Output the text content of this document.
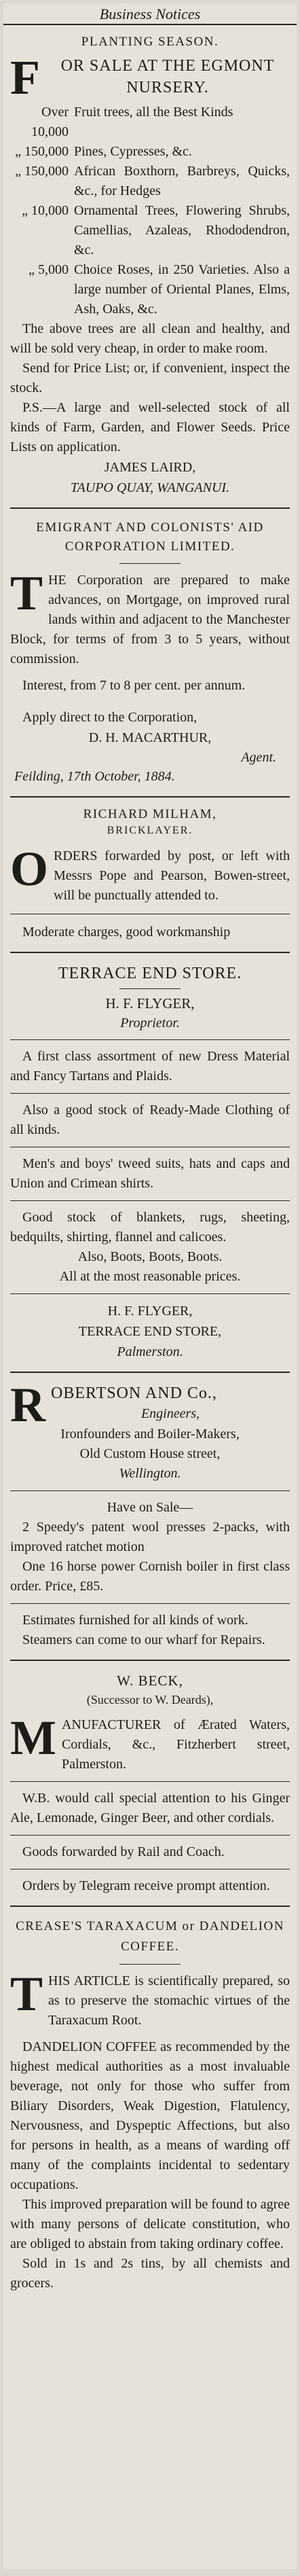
Business Notices
PLANTING SEASON.
F	OR SALE AT THE EGMONT NURSERY.
Over 10,000
Fruit trees, all the Best Kinds
„ 150,000 Pines, Cypresses, &c.
„ 150,000 African Boxthorn, Barbreys, Quicks, &c., for Hedges
„ 10,000 Ornamental Trees, Flowering Shrubs, Camellias, Azaleas, Rhododendron, &c.
„ 5,000 Choice Roses, in 250 Varieties. Also a large number of Oriental Planes, Elms, Ash, Oaks, &c.

The above trees are all clean and healthy, and will be sold very cheap, in order to make room.

Send for Price List; or, if convenient, inspect the stock.

P.S.—A large and well-selected stock of all kinds of Farm, Garden, and Flower Seeds. Price Lists on application.

JAMES LAIRD,
TAUPO QUAY, WANGANUI.
EMIGRANT AND COLONISTS' AID CORPORATION LIMITED.
T HE Corporation are prepared to make advances, on Mortgage, on improved rural lands within and adjacent to the Manchester Block, for terms of from 3 to 5 years, without commission.

Interest, from 7 to 8 per cent. per annum.

Apply direct to the Corporation,

D. H. MACARTHUR,
Agent.

Feilding, 17th October, 1884.

RICHARD MILHAM,
BRICKLAYER.
O RDERS forwarded by post, or left with Messrs Pope and Pearson, Bowen-street, will be punctually attended to.

Moderate charges, good workmanship

TERRACE END STORE.
H. F. FLYGER,
Proprietor.

A first class assortment of new Dress Material and Fancy Tartans and Plaids.

Also a good stock of Ready-Made Clothing of all kinds.

Men's and boys' tweed suits, hats and caps and Union and Crimean shirts.

Good stock of blankets, rugs, sheeting, bedquilts, shirting, flannel and calicoes.

Also, Boots, Boots, Boots.

All at the most reasonable prices.

H. F. FLYGER,
TERRACE END STORE,
Palmerston.
R OBERTSON AND Co.,
Engineers,
Ironfounders and Boiler-Makers,
Old Custom House street,
Wellington.

Have on Sale—

2 Speedy's patent wool presses 2-packs, with improved ratchet motion

One 16 horse power Cornish boiler in first class order. Price, £85.

Estimates furnished for all kinds of work.

Steamers can come to our wharf for Repairs.

W. BECK,
(Successor to W. Deards),
M ANUFACTURER of Ærated Waters, Cordials, &c., Fitzherbert street, Palmerston.

W.B. would call special attention to his Ginger Ale, Lemonade, Ginger Beer, and other cordials.

Goods forwarded by Rail and Coach.

Orders by Telegram receive prompt attention.

CREASE'S TARAXACUM or DANDELION COFFEE.
T HIS ARTICLE is scientifically prepared, so as to preserve the stomachic virtues of the Taraxacum Root.

DANDELION COFFEE as recommended by the highest medical authorities as a most invaluable beverage, not only for those who suffer from Biliary Disorders, Weak Digestion, Flatulency, Nervousness, and Dyspeptic Affections, but also for persons in health, as a means of warding off many of the complaints incidental to sedentary occupations.

This improved preparation will be found to agree with many persons of delicate constitution, who are obliged to abstain from taking ordinary coffee.

Sold in 1s and 2s tins, by all chemists and grocers.
